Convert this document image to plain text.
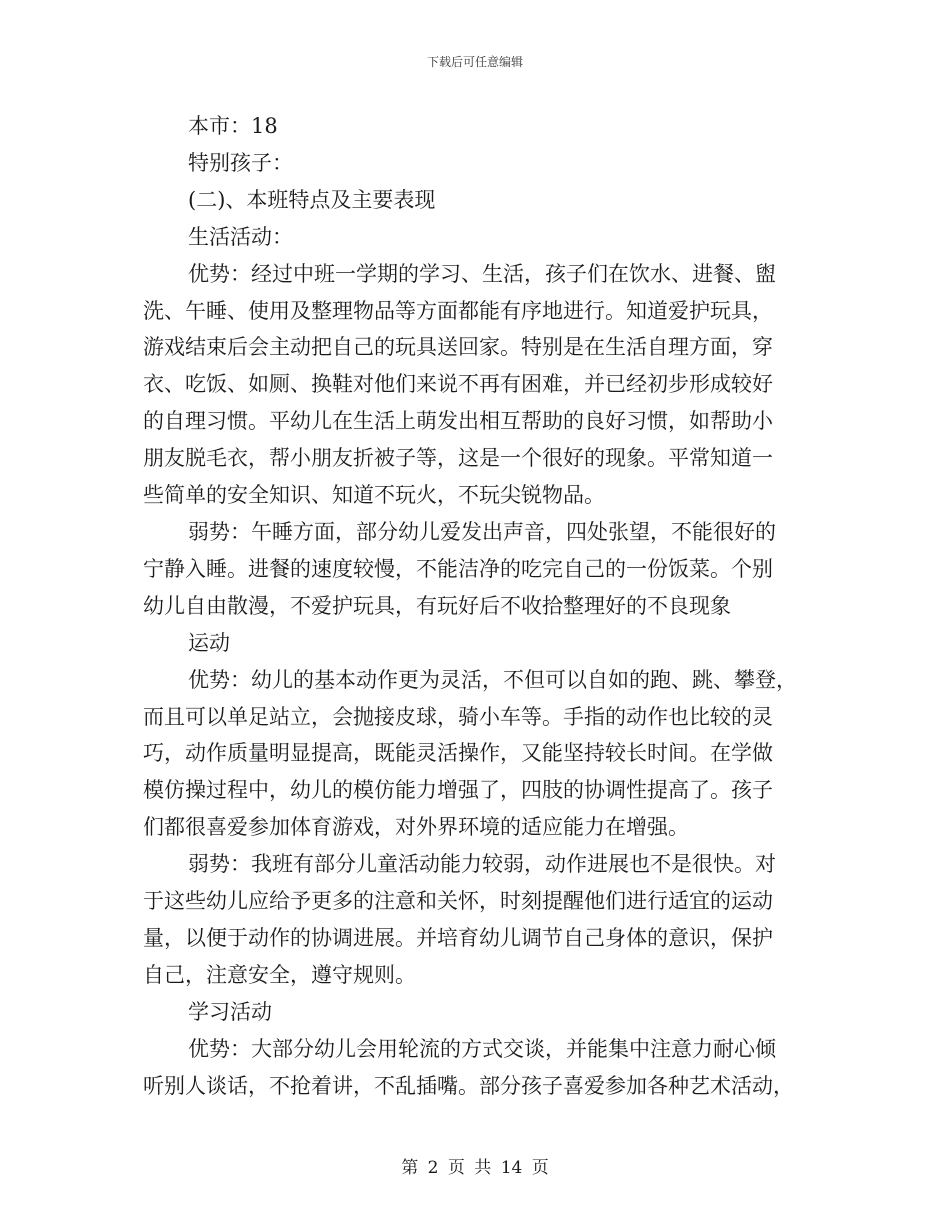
下载后可任意编辑
本市：18
特别孩子：
(二)、本班特点及主要表现
生活活动：
优势：经过中班一学期的学习、生活，孩子们在饮水、进餐、盥
洗、午睡、使用及整理物品等方面都能有序地进行。知道爱护玩具，
游戏结束后会主动把自己的玩具送回家。特别是在生活自理方面，穿
衣、吃饭、如厕、换鞋对他们来说不再有困难，并已经初步形成较好
的自理习惯。平幼儿在生活上萌发出相互帮助的良好习惯，如帮助小
朋友脱毛衣，帮小朋友折被子等，这是一个很好的现象。平常知道一
些简单的安全知识、知道不玩火，不玩尖锐物品。
弱势：午睡方面，部分幼儿爱发出声音，四处张望，不能很好的
宁静入睡。进餐的速度较慢，不能洁净的吃完自己的一份饭菜。个别
幼儿自由散漫，不爱护玩具，有玩好后不收拾整理好的不良现象
运动
优势：幼儿的基本动作更为灵活，不但可以自如的跑、跳、攀登，
而且可以单足站立，会抛接皮球，骑小车等。手指的动作也比较的灵
巧，动作质量明显提高，既能灵活操作，又能坚持较长时间。在学做
模仿操过程中，幼儿的模仿能力增强了，四肢的协调性提高了。孩子
们都很喜爱参加体育游戏，对外界环境的适应能力在增强。
弱势：我班有部分儿童活动能力较弱，动作进展也不是很快。对
于这些幼儿应给予更多的注意和关怀，时刻提醒他们进行适宜的运动
量，以便于动作的协调进展。并培育幼儿调节自己身体的意识，保护
自己，注意安全，遵守规则。
学习活动
优势：大部分幼儿会用轮流的方式交谈，并能集中注意力耐心倾
听别人谈话，不抢着讲，不乱插嘴。部分孩子喜爱参加各种艺术活动，
第 2 页 共 14 页
